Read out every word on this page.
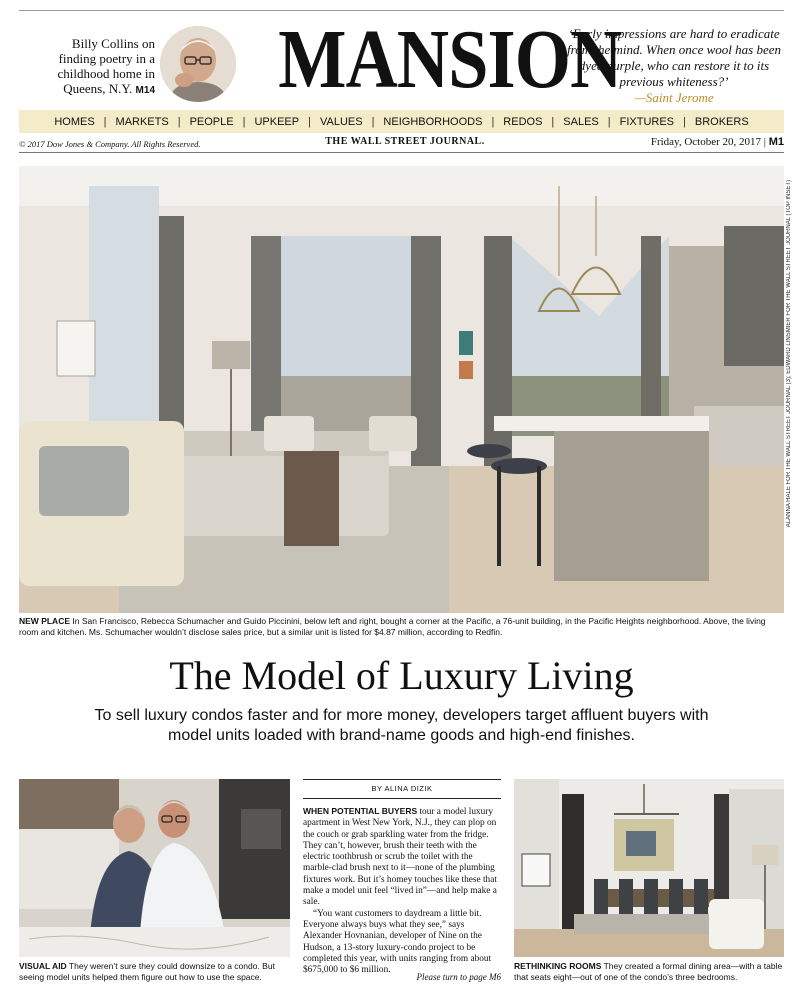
Billy Collins on finding poetry in a childhood home in Queens, N.Y. M14 MANSION
‘Early impressions are hard to eradicate from the mind. When once wool has been dyed purple, who can restore it to its previous whiteness?’
—Saint Jerome
HOMES | MARKETS | PEOPLE | UPKEEP | VALUES | NEIGHBORHOODS | REDOS | SALES | FIXTURES | BROKERS
© 2017 Dow Jones & Company. All Rights Reserved.	THE WALL STREET JOURNAL.	Friday, October 20, 2017 | M1
ALANNA HALE FOR THE WALL STREET JOURNAL (3); EDWARD LINSMIER FOR THE WALL STREET JOURNAL (TOP INSET)
NEW PLACE In San Francisco, Rebecca Schumacher and Guido Piccinini, below left and right, bought a corner at the Pacific, a 76-unit building, in the Pacific Heights neighborhood. Above, the living room and kitchen. Ms. Schumacher wouldn’t disclose sales price, but a similar unit is listed for $4.87 million, according to Redfin.
The Model of Luxury Living
To sell luxury condos faster and for more money, developers target affluent buyers with model units loaded with brand-name goods and high-end finishes.
VISUAL AID They weren’t sure they could downsize to a condo. But seeing model units helped them figure out how to use the space.
BY ALINA DIZIK
WHEN POTENTIAL BUYERS tour a model luxury apartment in West New York, N.J., they can plop on the couch or grab sparkling water from the fridge. They can’t, however, brush their teeth with the electric toothbrush or scrub the toilet with the marble-clad brush next to it—none of the plumbing fixtures work. But it’s homey touches like these that make a model unit feel “lived in”—and help make a sale.
“You want customers to daydream a little bit. Everyone always buys what they see,” says Alexander Hovnanian, developer of Nine on the Hudson, a 13-story luxury-condo project to be completed this year, with units ranging from about $675,000 to $6 million.
Please turn to page M6
RETHINKING ROOMS They created a formal dining area—with a table that seats eight—out of one of the condo’s three bedrooms.
